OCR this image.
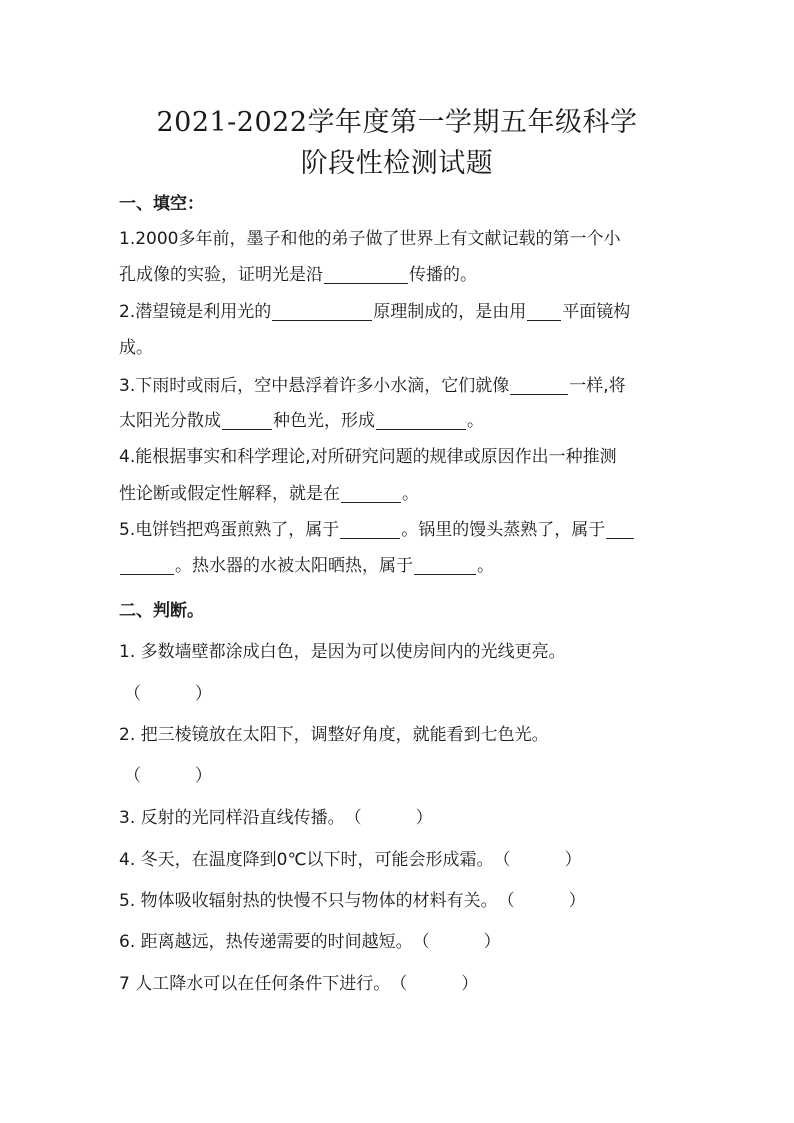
2021-2022学年度第一学期五年级科学
阶段性检测试题

一、填空：

1.2000多年前，墨子和他的弟子做了世界上有文献记载的第一个小

孔成像的实验，证明光是沿	传播的。

2.潜望镜是利用光的	原理制成的，是由用 平面镜构

成。

3.下雨时或雨后，空中悬浮着许多小水滴，它们就像	一样,将

太阳光分散成	种色光，形成	。

4.能根据事实和科学理论,对所研究问题的规律或原因作出一种推测

性论断或假定性解释，就是在	。

5.电饼铛把鸡蛋煎熟了，属于	。锅里的馒头蒸熟了，属于

。热水器的水被太阳晒热，属于	。

二、判断。

1. 多数墙壁都涂成白色，是因为可以使房间内的光线更亮。

（          ）

2. 把三棱镜放在太阳下，调整好角度，就能看到七色光。

（          ）

3. 反射的光同样沿直线传播。（          ）

4. 冬天，在温度降到0℃以下时，可能会形成霜。（          ）

5. 物体吸收辐射热的快慢不只与物体的材料有关。（          ）

6. 距离越远，热传递需要的时间越短。（          ）

7 人工降水可以在任何条件下进行。（          ）
